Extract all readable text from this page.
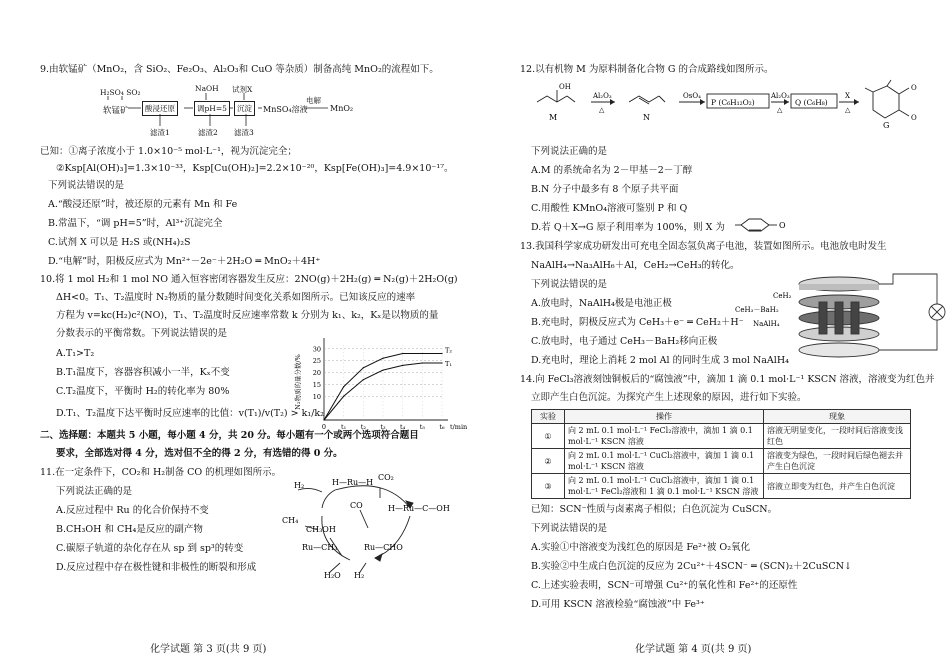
9.由软锰矿（MnO₂，含 SiO₂、Fe₂O₃、Al₂O₃和 CuO 等杂质）制备高纯 MnO₂的流程如下。
H₂SO₄ SO₂	NaOH 试剂X
软锰矿	酸浸还原	调pH=5	沉淀	MnSO₄溶液
电解
MnO₂
滤渣1	滤渣2 滤渣3
已知：①离子浓度小于 1.0×10⁻⁵ mol·L⁻¹，视为沉淀完全；
②Ksp[Al(OH)₃]=1.3×10⁻³³，Ksp[Cu(OH)₂]=2.2×10⁻²⁰，Ksp[Fe(OH)₃]=4.9×10⁻¹⁷。
下列说法错误的是
A.“酸浸还原”时，被还原的元素有 Mn 和 Fe
B.常温下，“调 pH=5”时，Al³⁺沉淀完全
C.试剂 X 可以是 H₂S 或(NH₄)₂S
D.“电解”时，阳极反应式为 Mn²⁺－2e⁻＋2H₂O ═ MnO₂＋4H⁺
10.将 1 mol H₂和 1 mol NO 通入恒容密闭容器发生反应：2NO(g)＋2H₂(g) ═ N₂(g)＋2H₂O(g)
ΔH<0。T₁、T₂温度时 N₂物质的量分数随时间变化关系如图所示。已知该反应的速率
方程为 v=kc(H₂)c²(NO)，T₁、T₂温度时反应速率常数 k 分别为 k₁、k₂，Kₓ是以物质的量
分数表示的平衡常数。下列说法错误的是
A.T₁>T₂
B.T₁温度下，容器容积减小一半，Kₓ不变
C.T₂温度下，平衡时 H₂的转化率为 80%
D.T₁、T₂温度下达平衡时反应速率的比值：v(T₁)/v(T₂) > k₁/k₂
10
15
20
25
30
0 t₁ t₂ t₃ t₄ t₅ t₆ t/min
N₂物质的量分数/%
T₂
T₁
二、选择题：本题共 5 小题，每小题 4 分，共 20 分。每小题有一个或两个选项符合题目
要求，全部选对得 4 分，选对但不全的得 2 分，有选错的得 0 分。
11.在一定条件下，CO₂和 H₂制备 CO 的机理如图所示。
下列说法正确的是
A.反应过程中 Ru 的化合价保持不变
B.CH₃OH 和 CH₄是反应的副产物
C.碳原子轨道的杂化存在从 sp 到 sp³的转变
D.反应过程中存在极性键和非极性的断裂和形成
H₂	H—Ru—H
CO₂
H—Ru—C—OH
CO
CH₄
CH₃OH
Ru—CH₃	Ru—CHO
H₂O H₂
化学试题 第 3 页(共 9 页)
12.以有机物 M 为原料制备化合物 G 的合成路线如图所示。
OH
M
Al₂O₃
△
N
OsO₄
P (C₆H₁₂O₂)
Al₂O₃
△
Q (C₆H₈)
X
△
O
O
G
下列说法正确的是
A.M 的系统命名为 2－甲基－2－丁醇
B.N 分子中最多有 8 个原子共平面
C.用酸性 KMnO₄溶液可鉴别 P 和 Q
D.若 Q＋X→G 原子利用率为 100%，则 X 为	O
13.我国科学家成功研发出可充电全固态氢负离子电池，装置如图所示。电池放电时发生
NaAlH₄→Na₃AlH₆＋Al，CeH₂→CeH₃的转化。
下列说法错误的是
A.放电时，NaAlH₄极是电池正极
B.充电时，阴极反应式为 CeH₃＋e⁻ ═ CeH₂＋H⁻
C.放电时，电子通过 CeH₃－BaH₂移向正极
D.充电时，理论上消耗 2 mol Al 的同时生成 3 mol NaAlH₄
CeH₂
CeH₃－BaH₂
NaAlH₄
14.向 FeCl₃溶液刻蚀铜板后的“腐蚀液”中，滴加 1 滴 0.1 mol·L⁻¹ KSCN 溶液，溶液变为红色并
立即产生白色沉淀。为探究产生上述现象的原因，进行如下实验。
实验	操作	现象
①	向 2 mL 0.1 mol·L⁻¹ FeCl₂溶液中，滴加 1 滴 0.1 mol·L⁻¹ KSCN 溶液	溶液无明显变化，一段时间后溶液变浅红色
②	向 2 mL 0.1 mol·L⁻¹ CuCl₂溶液中，滴加 1 滴 0.1 mol·L⁻¹ KSCN 溶液	溶液变为绿色，一段时间后绿色褪去并产生白色沉淀
③	向 2 mL 0.1 mol·L⁻¹ CuCl₂溶液中，滴加 1 滴 0.1 mol·L⁻¹ FeCl₂溶液和 1 滴 0.1 mol·L⁻¹ KSCN 溶液	溶液立即变为红色，并产生白色沉淀
已知：SCN⁻性质与卤素离子相似；白色沉淀为 CuSCN。
下列说法错误的是
A.实验①中溶液变为浅红色的原因是 Fe²⁺被 O₂氧化
B.实验②中生成白色沉淀的反应为 2Cu²⁺＋4SCN⁻ ═ (SCN)₂＋2CuSCN↓
C.上述实验表明，SCN⁻可增强 Cu²⁺的氧化性和 Fe²⁺的还原性
D.可用 KSCN 溶液检验“腐蚀液”中 Fe³⁺
化学试题 第 4 页(共 9 页)
